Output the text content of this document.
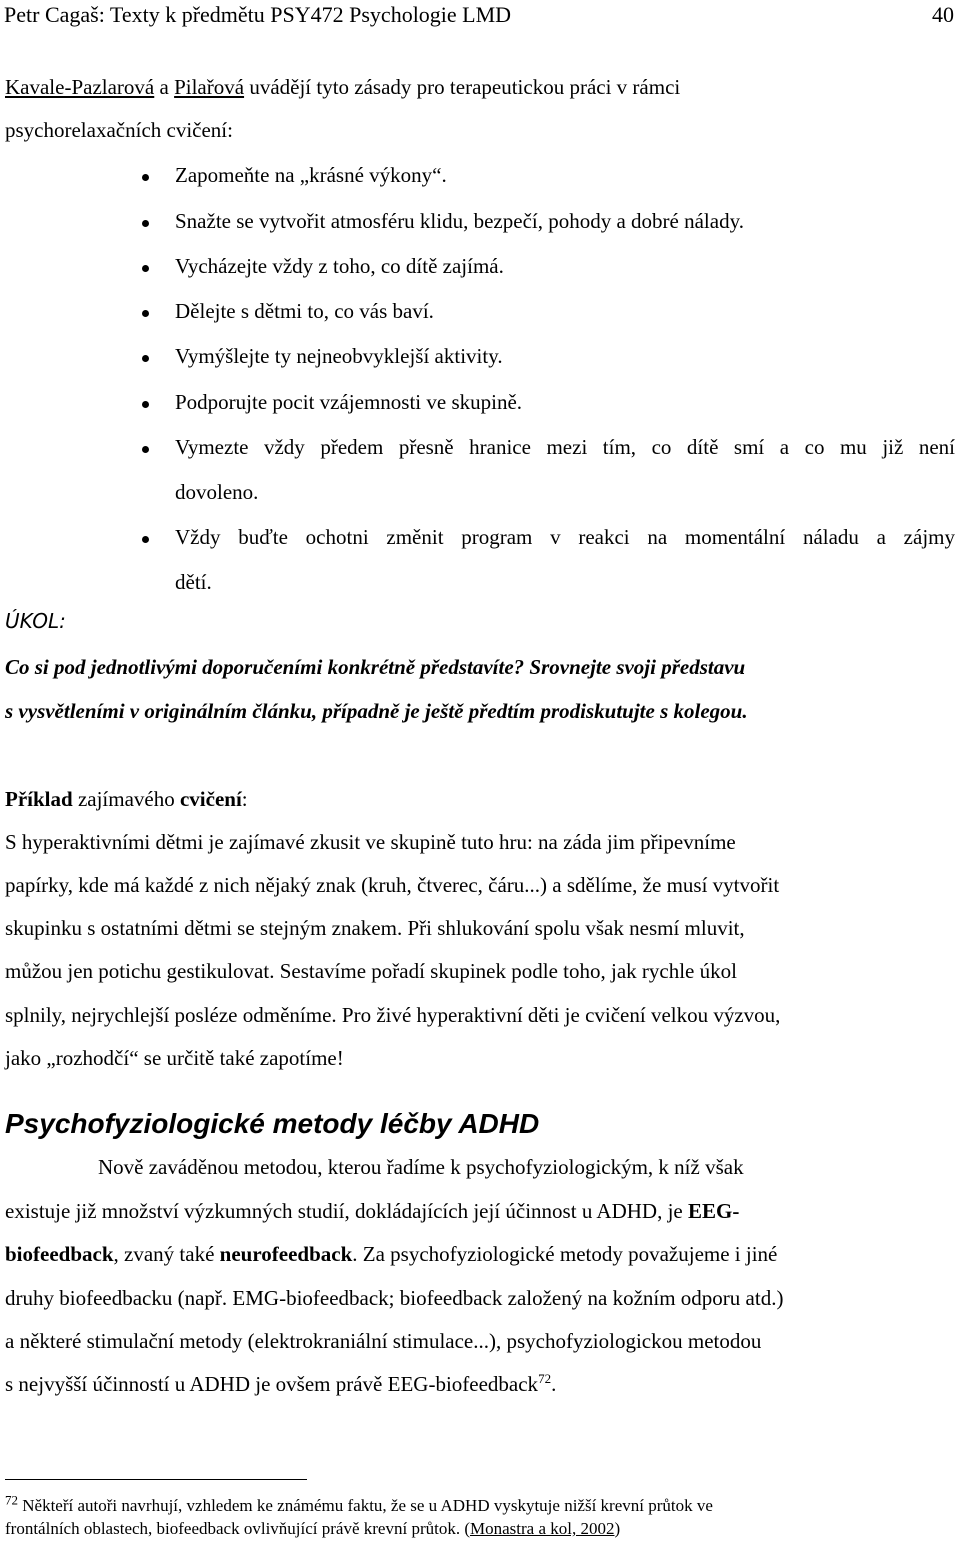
Petr Cagaš: Texty k předmětu PSY472 Psychologie LMD	40
Kavale-Pazlarová a Pilařová uvádějí tyto zásady pro terapeutickou práci v rámci
psychorelaxačních cvičení:
Zapomeňte na „krásné výkony“.
Snažte se vytvořit atmosféru klidu, bezpečí, pohody a dobré nálady.
Vycházejte vždy z toho, co dítě zajímá.
Dělejte s dětmi to, co vás baví.
Vymýšlejte ty nejneobvyklejší aktivity.
Podporujte pocit vzájemnosti ve skupině.
Vymezte vždy předem přesně hranice mezi tím, co dítě smí a co mu již není
dovoleno.
Vždy buďte ochotni změnit program v reakci na momentální náladu a zájmy
dětí.
ÚKOL:
Co si pod jednotlivými doporučeními konkrétně představíte? Srovnejte svoji představu
s vysvětleními v originálním článku, případně je ještě předtím prodiskutujte s kolegou.
Příklad zajímavého cvičení:
S hyperaktivními dětmi je zajímavé zkusit ve skupině tuto hru: na záda jim připevníme
papírky, kde má každé z nich nějaký znak (kruh, čtverec, čáru...) a sdělíme, že musí vytvořit
skupinku s ostatními dětmi se stejným znakem. Při shlukování spolu však nesmí mluvit,
můžou jen potichu gestikulovat. Sestavíme pořadí skupinek podle toho, jak rychle úkol
splnily, nejrychlejší posléze odměníme. Pro živé hyperaktivní děti je cvičení velkou výzvou,
jako „rozhodčí“ se určitě také zapotíme!
Psychofyziologické metody léčby ADHD
Nově zaváděnou metodou, kterou řadíme k psychofyziologickým, k níž však
existuje již množství výzkumných studií, dokládajících její účinnost u ADHD, je EEG-
biofeedback, zvaný také neurofeedback. Za psychofyziologické metody považujeme i jiné
druhy biofeedbacku (např. EMG-biofeedback; biofeedback založený na kožním odporu atd.)
a některé stimulační metody (elektrokraniální stimulace...), psychofyziologickou metodou
s nejvyšší účinností u ADHD je ovšem právě EEG-biofeedback$^{72}$.
$^{72}$ Někteří autoři navrhují, vzhledem ke známému faktu, že se u ADHD vyskytuje nižší krevní průtok ve
frontálních oblastech, biofeedback ovlivňující právě krevní průtok. (Monastra a kol, 2002)
